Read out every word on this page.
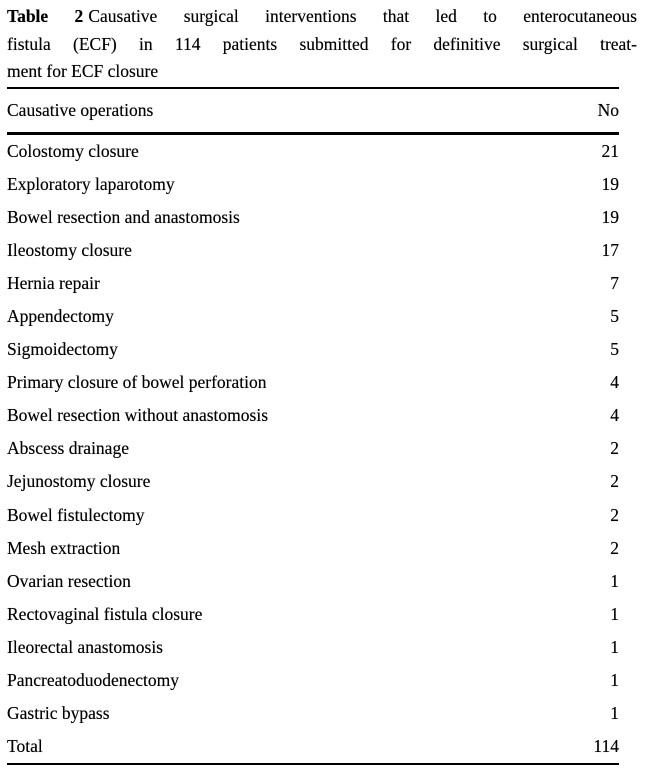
Table 2 Causative surgical interventions that led to enterocutaneous
fistula (ECF) in 114 patients submitted for definitive surgical treat-
ment for ECF closure
Causative operations	No
Colostomy closure	21
Exploratory laparotomy	19
Bowel resection and anastomosis	19
Ileostomy closure	17
Hernia repair	7
Appendectomy	5
Sigmoidectomy	5
Primary closure of bowel perforation	4
Bowel resection without anastomosis	4
Abscess drainage	2
Jejunostomy closure	2
Bowel fistulectomy	2
Mesh extraction	2
Ovarian resection	1
Rectovaginal fistula closure	1
Ileorectal anastomosis	1
Pancreatoduodenectomy	1
Gastric bypass	1
Total	114
